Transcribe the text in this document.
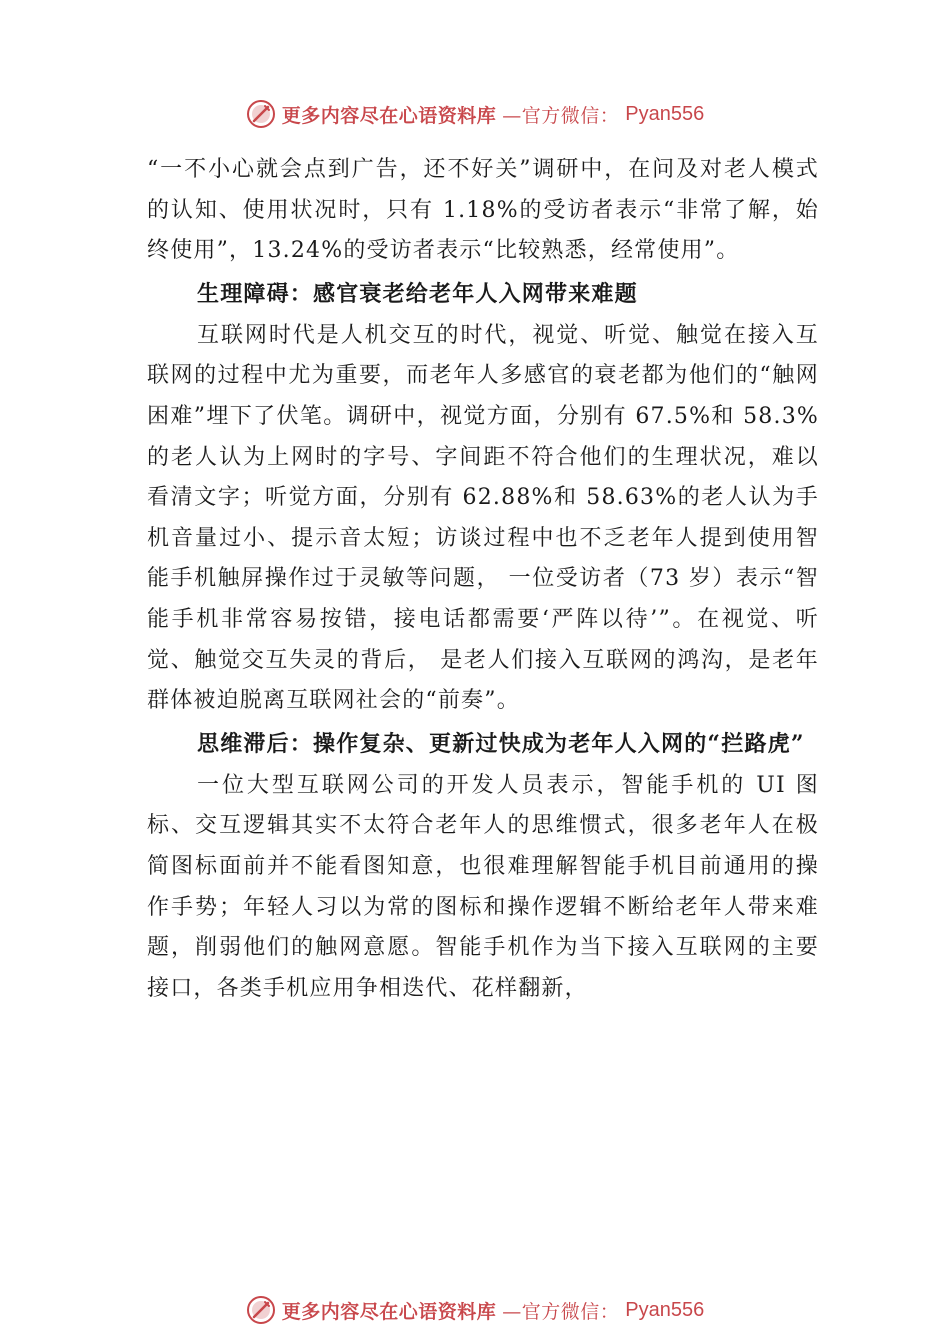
更多内容尽在心语资料库 —官方微信： Pyan556

“一不小心就会点到广告，还不好关”调研中，在问及对老人模式的认知、使用状况时，只有 1.18%的受访者表示“非常了解，始终使用”，13.24%的受访者表示“比较熟悉，经常使用”。

生理障碍：感官衰老给老年人入网带来难题

互联网时代是人机交互的时代，视觉、听觉、触觉在接入互联网的过程中尤为重要，而老年人多感官的衰老都为他们的“触网困难”埋下了伏笔。调研中，视觉方面，分别有 67.5%和 58.3%的老人认为上网时的字号、字间距不符合他们的生理状况，难以看清文字；听觉方面，分别有 62.88%和 58.63%的老人认为手机音量过小、提示音太短；访谈过程中也不乏老年人提到使用智能手机触屏操作过于灵敏等问题， 一位受访者（73 岁）表示“智能手机非常容易按错，接电话都需要‘严阵以待’”。在视觉、听觉、触觉交互失灵的背后， 是老人们接入互联网的鸿沟，是老年群体被迫脱离互联网社会的“前奏”。

思维滞后：操作复杂、更新过快成为老年人入网的“拦路虎”

一位大型互联网公司的开发人员表示，智能手机的 UI 图标、交互逻辑其实不太符合老年人的思维惯式，很多老年人在极简图标面前并不能看图知意，也很难理解智能手机目前通用的操作手势；年轻人习以为常的图标和操作逻辑不断给老年人带来难题，削弱他们的触网意愿。智能手机作为当下接入互联网的主要接口，各类手机应用争相迭代、花样翻新，

更多内容尽在心语资料库 —官方微信： Pyan556
